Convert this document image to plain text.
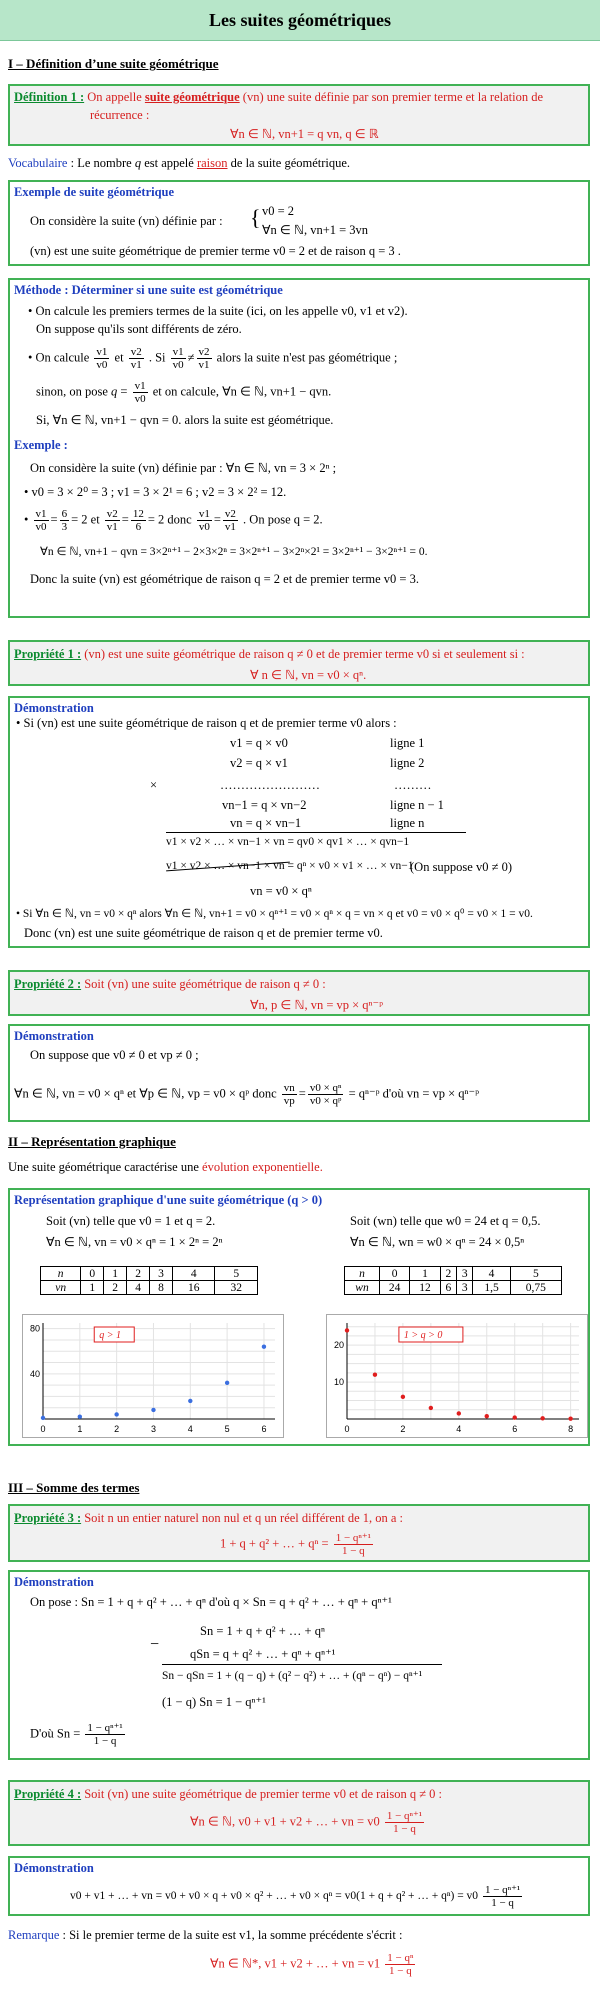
Les suites géométriques
I – Définition d’une suite géométrique
Définition 1 : On appelle suite géométrique (vn) une suite définie par son premier terme et la relation de
récurrence :
∀n ∈ ℕ, vn+1 = q vn, q ∈ ℝ
Vocabulaire : Le nombre q est appelé raison de la suite géométrique.
Exemple de suite géométrique
On considère la suite (vn) définie par : { v0 = 2
∀n ∈ ℕ, vn+1 = 3vn
(vn) est une suite géométrique de premier terme v0 = 2 et de raison q = 3 .
Méthode : Déterminer si une suite est géométrique
• On calcule les premiers termes de la suite (ici, on les appelle v0, v1 et v2).
On suppose qu'ils sont différents de zéro.
• On calcule $\frac{v1}{v0}$ et $\frac{v2}{v1}$ . Si $\frac{v1}{v0} \ne \frac{v2}{v1}$ alors la suite n'est pas géométrique ;
sinon, on pose $q = \frac{v1}{v0}$ et on calcule, ∀n ∈ ℕ, vn+1 − qvn.
Si, ∀n ∈ ℕ, vn+1 − qvn = 0. alors la suite est géométrique.
Exemple :
On considère la suite (vn) définie par : ∀n ∈ ℕ, vn = 3 × 2ⁿ ;
• v0 = 3 × 2⁰ = 3 ; v1 = 3 × 2¹ = 6 ; v2 = 3 × 2² = 12.
• $\frac{v1}{v0} = \frac{6}{3} = 2$ et $\frac{v2}{v1} = \frac{12}{6} = 2$ donc $\frac{v1}{v0} = \frac{v2}{v1}$ . On pose q = 2.
∀n ∈ ℕ, vn+1 − qvn = 3×2ⁿ⁺¹ − 2×3×2ⁿ = 3×2ⁿ⁺¹ − 3×2ⁿ×2¹ = 3×2ⁿ⁺¹ − 3×2ⁿ⁺¹ = 0.
Donc la suite (vn) est géométrique de raison q = 2 et de premier terme v0 = 3.
Propriété 1 : (vn) est une suite géométrique de raison q ≠ 0 et de premier terme v0 si et seulement si :
∀ n ∈ ℕ, vn = v0 × qⁿ.
Démonstration
• Si (vn) est une suite géométrique de raison q et de premier terme v0 alors :
v1 = q × v0	ligne 1
v2 = q × v1	ligne 2
×	……………………	………
vn−1 = q × vn−2	ligne n − 1
vn = q × vn−1	ligne n
v1 × v2 × … × vn−1 × vn = qv0 × qv1 × … × qvn−1
v1 × v2 × … × vn−1 × vn = qⁿ × v0 × v1 × … × vn−1
(On suppose v0 ≠ 0)
vn = v0 × qⁿ
• Si ∀n ∈ ℕ, vn = v0 × qⁿ alors ∀n ∈ ℕ, vn+1 = v0 × qⁿ⁺¹ = v0 × qⁿ × q = vn × q et v0 = v0 × q⁰ = v0 × 1 = v0.
Donc (vn) est une suite géométrique de raison q et de premier terme v0.
Propriété 2 : Soit (vn) une suite géométrique de raison q ≠ 0 :
∀n, p ∈ ℕ, vn = vp × qⁿ⁻ᵖ
Démonstration
On suppose que v0 ≠ 0 et vp ≠ 0 ;
∀n ∈ ℕ, vn = v0 × qⁿ et ∀p ∈ ℕ, vp = v0 × qᵖ donc $\frac{vn}{vp} = \frac{\text{v0 × qⁿ}}{\text{v0 × qᵖ}}$ = qⁿ⁻ᵖ d'où vn = vp × qⁿ⁻ᵖ
II – Représentation graphique
Une suite géométrique caractérise une évolution exponentielle.
Représentation graphique d'une suite géométrique (q > 0)
Soit (vn) telle que v0 = 1 et q = 2.
∀n ∈ ℕ, vn = v0 × qⁿ = 1 × 2ⁿ = 2ⁿ
Soit (wn) telle que w0 = 24 et q = 0,5.
∀n ∈ ℕ, wn = w0 × qⁿ = 24 × 0,5ⁿ
n	0	1	2	3	4	5
vn	1	2	4	8	16	32
n	0	1	2	3	4	5
wn	24	12	6	3	1,5	0,75
0	1	2	3	4	5	6
40
80
q > 1
0	2	4	6	8
10
20
1 > q > 0
III – Somme des termes
Propriété 3 : Soit n un entier naturel non nul et q un réel différent de 1, on a :
1 + q + q² + … + $q^n = \frac{\text{1 − qⁿ⁺¹}}{1 - q}$
Démonstration
On pose : Sn = 1 + q + q² + … + qⁿ d'où q × Sn = q + q² + … + qⁿ + qⁿ⁺¹
Sn = 1 + q + q² + … + qⁿ
−
qSn = q + q² + … + qⁿ + qⁿ⁺¹
Sn − qSn = 1 + (q − q) + (q² − q²) + … + (qⁿ − qⁿ) − qⁿ⁺¹
(1 − q) Sn = 1 − qⁿ⁺¹
D'où $Sn = \frac{\text{1 − qⁿ⁺¹}}{1 - q}$
Propriété 4 : Soit (vn) une suite géométrique de premier terme v0 et de raison q ≠ 0 :
∀n ∈ ℕ, v0 + v1 + v2 + … + vn = $v0 \frac{\text{1 − qⁿ⁺¹}}{1 - q}$
Démonstration
v0 + v1 + … + vn = v0 + v0 × q + v0 × q² + … + v0 × qⁿ = v0(1 + q + q² + … + $q^n) = v0 \frac{\text{1 − qⁿ⁺¹}}{1 - q}$
Remarque : Si le premier terme de la suite est v1, la somme précédente s'écrit :
∀n ∈ ℕ*, v1 + v2 + … + vn = $v1 \frac{\text{1 − qⁿ}}{1 - q}$
